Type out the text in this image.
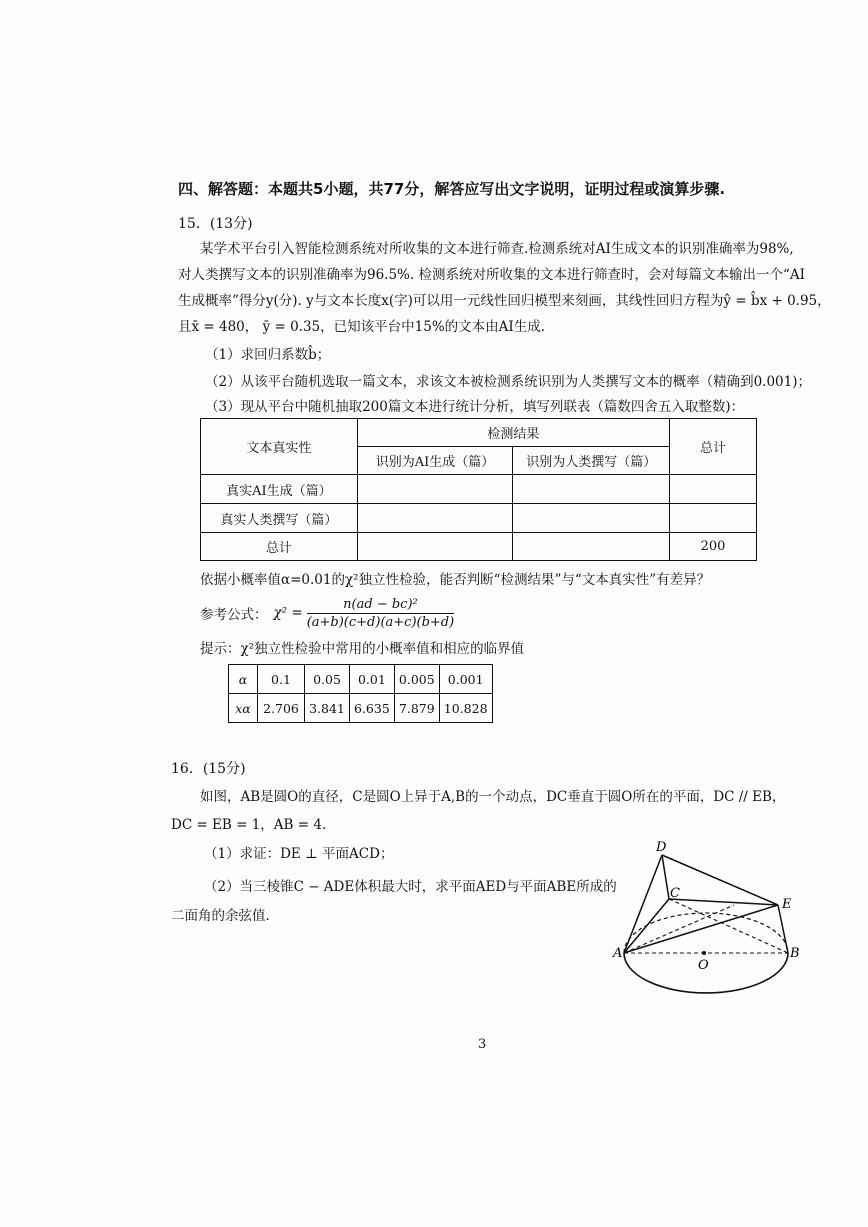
四、解答题：本题共5小题，共77分，解答应写出文字说明，证明过程或演算步骤.
15．(13分)
某学术平台引入智能检测系统对所收集的文本进行筛查.检测系统对AI生成文本的识别准确率为98%,
对人类撰写文本的识别准确率为96.5%. 检测系统对所收集的文本进行筛查时，会对每篇文本输出一个“AI
生成概率”得分y(分). y与文本长度x(字)可以用一元线性回归模型来刻画，其线性回归方程为ŷ = b̂x + 0.95，
且x̄ = 480， ȳ = 0.35，已知该平台中15%的文本由AI生成.
（1）求回归系数b̂；
（2）从该平台随机选取一篇文本，求该文本被检测系统识别为人类撰写文本的概率（精确到0.001)；
（3）现从平台中随机抽取200篇文本进行统计分析，填写列联表（篇数四舍五入取整数)：
文本真实性	检测结果		总计
	识别为AI生成（篇）	识别为人类撰写（篇）	
真实AI生成（篇）			
真实人类撰写（篇）			
总计			200
依据小概率值α=0.01的χ²独立性检验，能否判断“检测结果”与“文本真实性”有差异？
参考公式： $\chi^2 = \frac{\text{n(ad − bc)²}}{(a+b)(c+d)(a+c)(b+d)}$
提示：χ²独立性检验中常用的小概率值和相应的临界值
α	0.1	0.05	0.01	0.005	0.001
xα	2.706	3.841	6.635	7.879	10.828
16．(15分)
如图，AB是圆O的直径，C是圆O上异于A,B的一个动点，DC垂直于圆O所在的平面，DC // EB，
DC = EB = 1，AB = 4.
（1）求证：DE ⊥ 平面ACD；
（2）当三棱锥C − ADE体积最大时，求平面AED与平面ABE所成的
二面角的余弦值.
D
C
E
A
O
B
3
